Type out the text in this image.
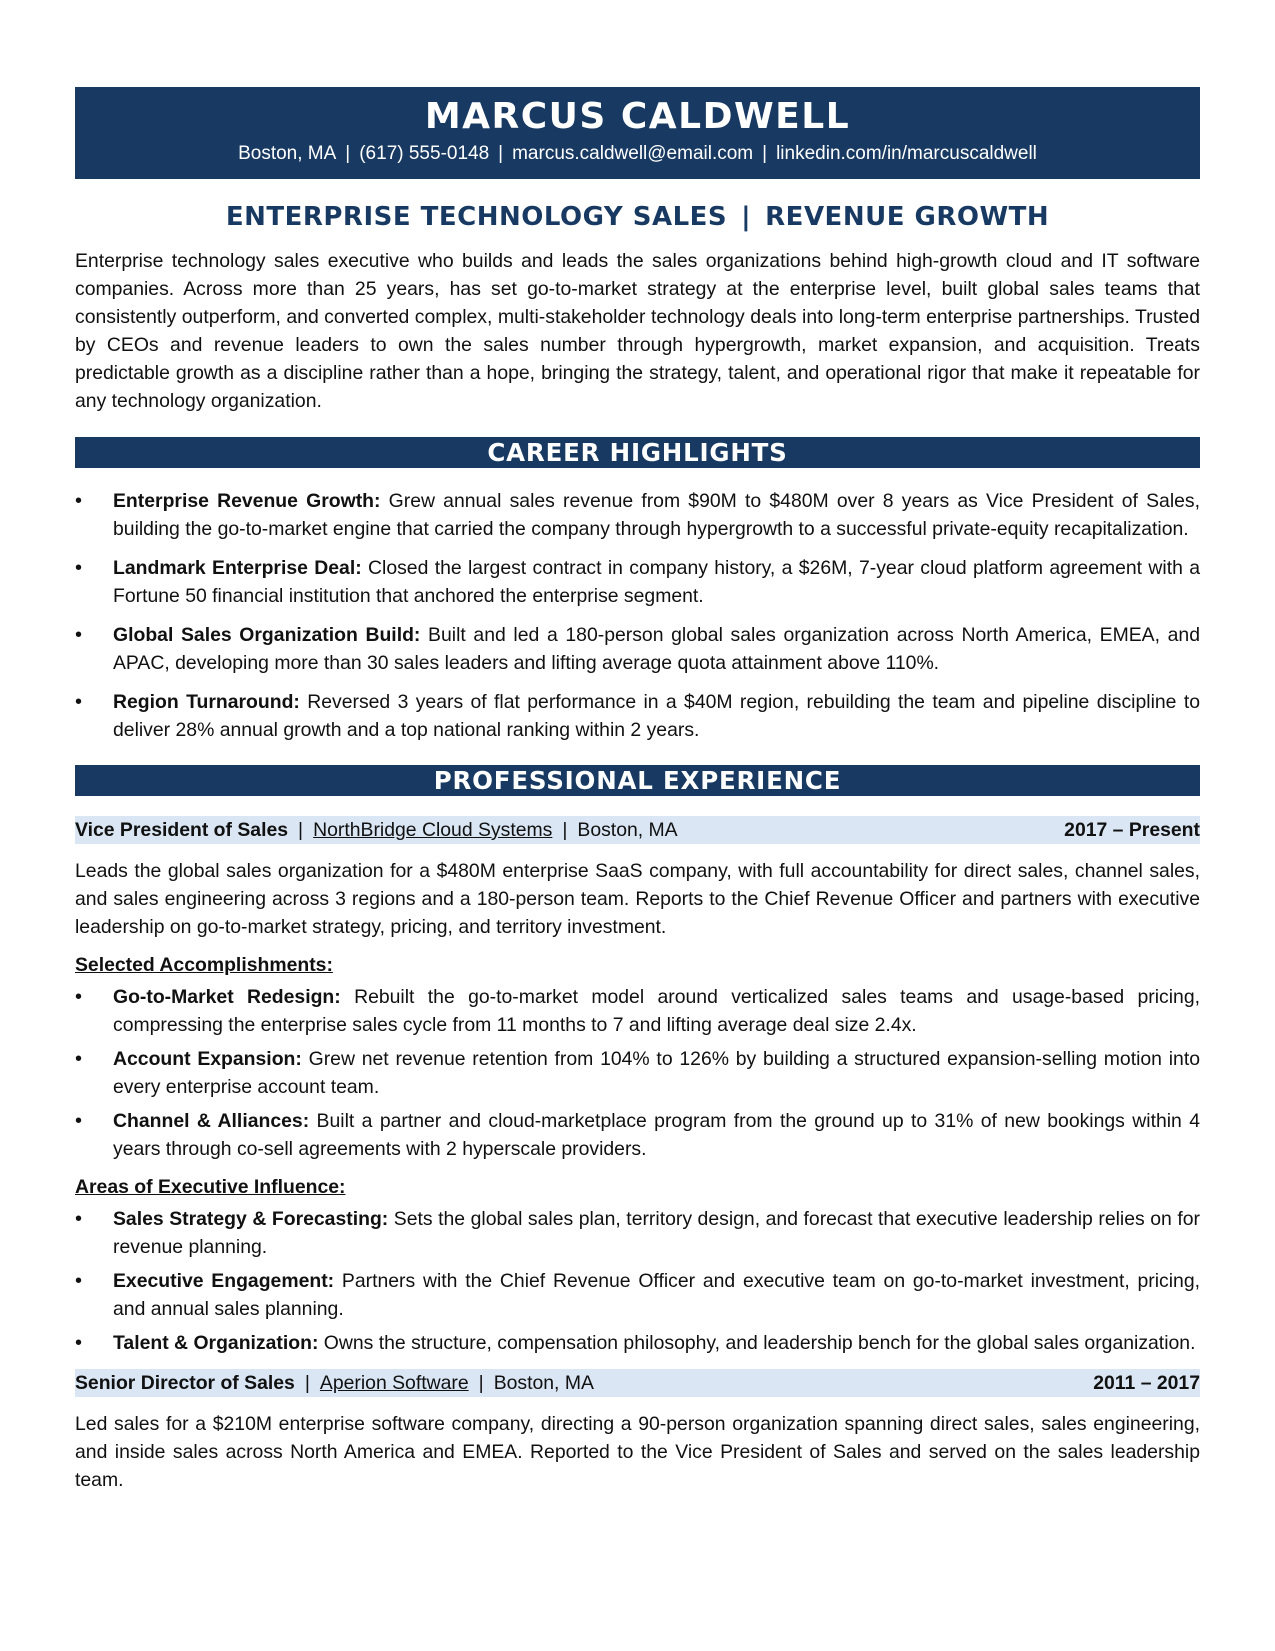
MARCUS CALDWELL
Boston, MA | (617) 555-0148 | marcus.caldwell@email.com | linkedin.com/in/marcuscaldwell
ENTERPRISE TECHNOLOGY SALES | REVENUE GROWTH
Enterprise technology sales executive who builds and leads the sales organizations behind high-growth cloud and IT software companies. Across more than 25 years, has set go-to-market strategy at the enterprise level, built global sales teams that consistently outperform, and converted complex, multi-stakeholder technology deals into long-term enterprise partnerships. Trusted by CEOs and revenue leaders to own the sales number through hypergrowth, market expansion, and acquisition. Treats predictable growth as a discipline rather than a hope, bringing the strategy, talent, and operational rigor that make it repeatable for any technology organization.
CAREER HIGHLIGHTS
• Enterprise Revenue Growth: Grew annual sales revenue from $90M to $480M over 8 years as Vice President of Sales, building the go-to-market engine that carried the company through hypergrowth to a successful private-equity recapitalization.
• Landmark Enterprise Deal: Closed the largest contract in company history, a $26M, 7-year cloud platform agreement with a Fortune 50 financial institution that anchored the enterprise segment.
• Global Sales Organization Build: Built and led a 180-person global sales organization across North America, EMEA, and APAC, developing more than 30 sales leaders and lifting average quota attainment above 110%.
• Region Turnaround: Reversed 3 years of flat performance in a $40M region, rebuilding the team and pipeline discipline to deliver 28% annual growth and a top national ranking within 2 years.
PROFESSIONAL EXPERIENCE
Vice President of Sales | NorthBridge Cloud Systems | Boston, MA	2017 – Present
Leads the global sales organization for a $480M enterprise SaaS company, with full accountability for direct sales, channel sales, and sales engineering across 3 regions and a 180-person team. Reports to the Chief Revenue Officer and partners with executive leadership on go-to-market strategy, pricing, and territory investment.
Selected Accomplishments:
• Go-to-Market Redesign: Rebuilt the go-to-market model around verticalized sales teams and usage-based pricing, compressing the enterprise sales cycle from 11 months to 7 and lifting average deal size 2.4x.
• Account Expansion: Grew net revenue retention from 104% to 126% by building a structured expansion-selling motion into every enterprise account team.
• Channel & Alliances: Built a partner and cloud-marketplace program from the ground up to 31% of new bookings within 4 years through co-sell agreements with 2 hyperscale providers.
Areas of Executive Influence:
• Sales Strategy & Forecasting: Sets the global sales plan, territory design, and forecast that executive leadership relies on for revenue planning.
• Executive Engagement: Partners with the Chief Revenue Officer and executive team on go-to-market investment, pricing, and annual sales planning.
• Talent & Organization: Owns the structure, compensation philosophy, and leadership bench for the global sales organization.
Senior Director of Sales | Aperion Software | Boston, MA	2011 – 2017
Led sales for a $210M enterprise software company, directing a 90-person organization spanning direct sales, sales engineering, and inside sales across North America and EMEA. Reported to the Vice President of Sales and served on the sales leadership team.
